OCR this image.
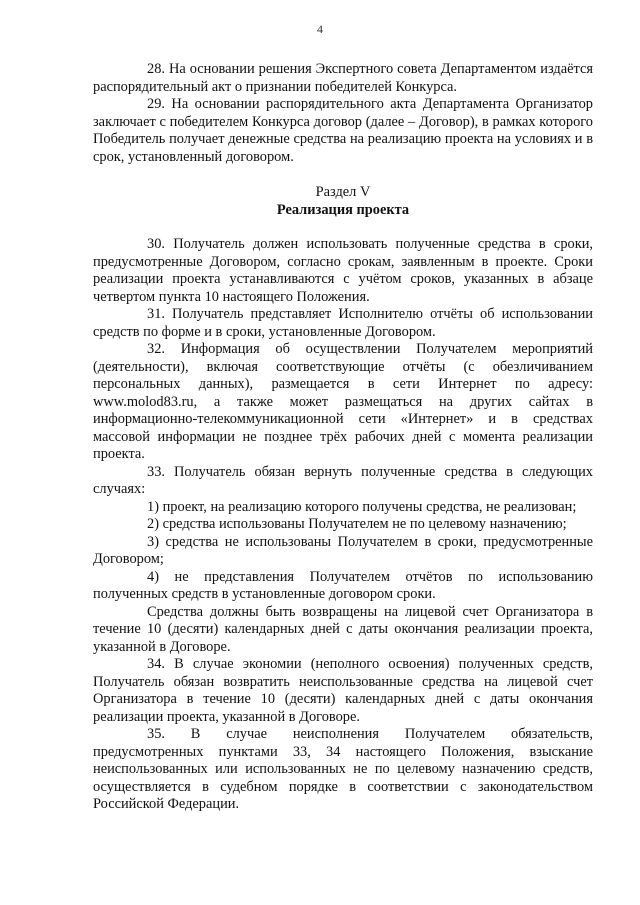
4

28. На основании решения Экспертного совета Департаментом издаётся распорядительный акт о признании победителей Конкурса.

29. На основании распорядительного акта Департамента Организатор заключает с победителем Конкурса договор (далее – Договор), в рамках которого Победитель получает денежные средства на реализацию проекта на условиях и в срок, установленный договором.

Раздел V

Реализация проекта

30. Получатель должен использовать полученные средства в сроки, предусмотренные Договором, согласно срокам, заявленным в проекте. Сроки реализации проекта устанавливаются с учётом сроков, указанных в абзаце четвертом пункта 10 настоящего Положения.

31. Получатель представляет Исполнителю отчёты об использовании средств по форме и в сроки, установленные Договором.

32. Информация об осуществлении Получателем мероприятий (деятельности), включая соответствующие отчёты (с обезличиванием персональных данных), размещается в сети Интернет по адресу: www.molod83.ru, а также может размещаться на других сайтах в информационно-телекоммуникационной сети «Интернет» и в средствах массовой информации не позднее трёх рабочих дней с момента реализации проекта.

33. Получатель обязан вернуть полученные средства в следующих случаях:

1) проект, на реализацию которого получены средства, не реализован;

2) средства использованы Получателем не по целевому назначению;

3) средства не использованы Получателем в сроки, предусмотренные Договором;

4) не представления Получателем отчётов по использованию полученных средств в установленные договором сроки.

Средства должны быть возвращены на лицевой счет Организатора в течение 10 (десяти) календарных дней с даты окончания реализации проекта, указанной в Договоре.

34. В случае экономии (неполного освоения) полученных средств, Получатель обязан возвратить неиспользованные средства на лицевой счет Организатора в течение 10 (десяти) календарных дней с даты окончания реализации проекта, указанной в Договоре.

35. В случае неисполнения Получателем обязательств, предусмотренных пунктами 33, 34 настоящего Положения, взыскание неиспользованных или использованных не по целевому назначению средств, осуществляется в судебном порядке в соответствии с законодательством Российской Федерации.
